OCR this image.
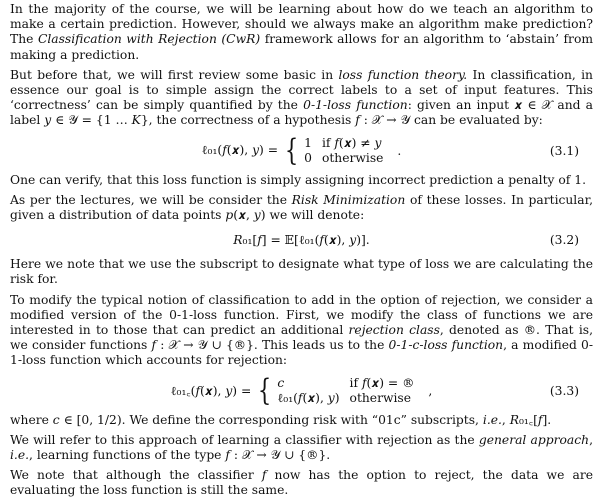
In the majority of the course, we will be learning about how do we teach an algorithm to make a certain prediction. However, should we always make an algorithm make prediction? The Classification with Rejection (CwR) framework allows for an algorithm to ‘abstain’ from making a prediction.

But before that, we will first review some basic in loss function theory. In classification, in essence our goal is to simple assign the correct labels to a set of input features. This ‘correctness’ can be simply quantified by the 0-1-loss function: given an input 𝒙 ∈ 𝒳 and a label 𝑦 ∈ 𝒴 = {1 … 𝐾}, the correctness of a hypothesis 𝑓 : 𝒳 → 𝒴 can be evaluated by:

ℓ₀₁(𝑓(𝒙), 𝑦) = { 1 if 𝑓(𝒙) ≠ 𝑦
0 otherwise
.	(3.1)

One can verify, that this loss function is simply assigning incorrect prediction a penalty of 1.

As per the lectures, we will be consider the Risk Minimization of these losses. In particular, given a distribution of data points 𝑝(𝒙, 𝑦) we will denote:

𝑅₀₁[𝑓] = 𝔼[ℓ₀₁(𝑓(𝒙), 𝑦)].	(3.2)

Here we note that we use the subscript to designate what type of loss we are calculating the risk for.

To modify the typical notion of classification to add in the option of rejection, we consider a modified version of the 0-1-loss function. First, we modify the class of functions we are interested in to those that can predict an additional rejection class, denoted as ®. That is, we consider functions 𝑓 : 𝒳 → 𝒴 ∪ {®}. This leads us to the 0-1-c-loss function, a modified 0-1-loss function which accounts for rejection:

ℓ₀₁꜀(𝑓(𝒙), 𝑦) = { 𝑐	if 𝑓(𝒙) = ®
ℓ₀₁(𝑓(𝒙), 𝑦) otherwise
,	(3.3)

where 𝑐 ∈ [0, 1/2). We define the corresponding risk with “01c” subscripts, i.e., 𝑅₀₁꜀[𝑓].

We will refer to this approach of learning a classifier with rejection as the general approach, i.e., learning functions of the type 𝑓 : 𝒳 → 𝒴 ∪ {®}.

We note that although the classifier 𝑓 now has the option to reject, the data we are evaluating the loss function is still the same.
